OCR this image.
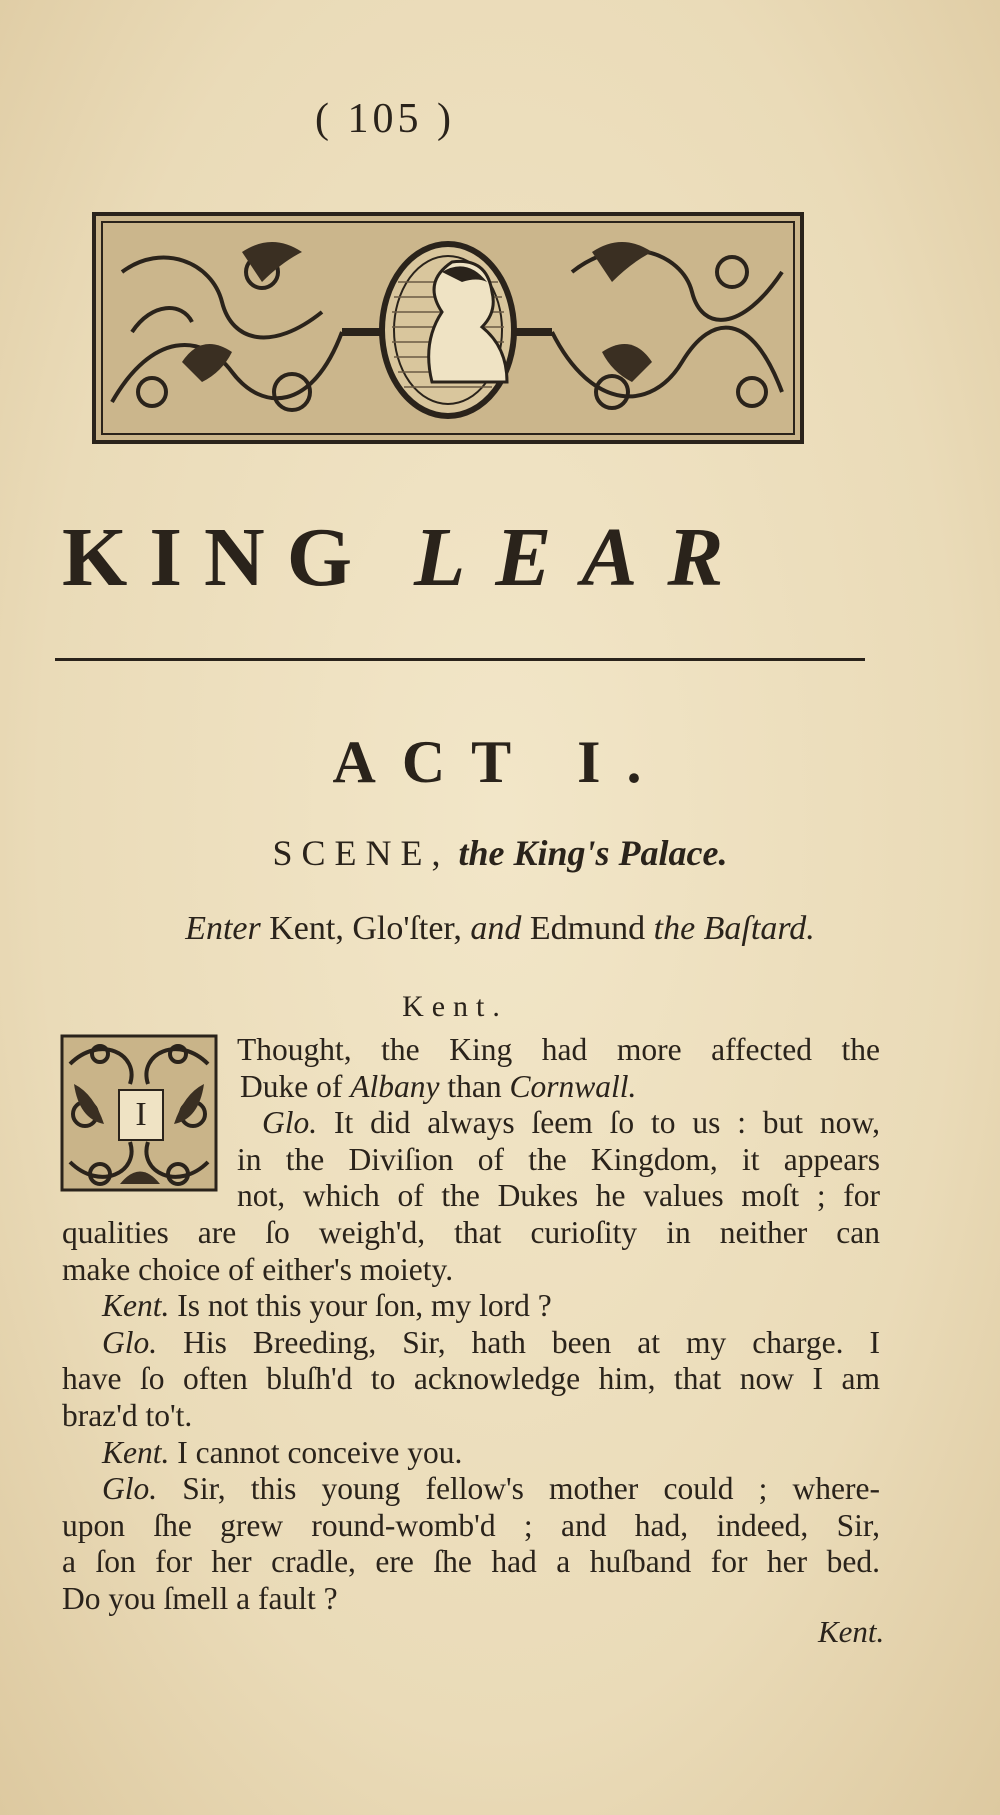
( 105 )
KING LEAR
ACT I.
SCENE, the King's Palace.
Enter Kent, Glo'ſter, and Edmund the Baſtard.
Kent.
I
Thought, the King had more affected the
Duke of Albany than Cornwall.
Glo. It did always ſeem ſo to us : but now,
in the Diviſion of the Kingdom, it appears
not, which of the Dukes he values moſt ; for
qualities are ſo weigh'd, that curioſity in neither can
make choice of either's moiety.
Kent. Is not this your ſon, my lord ?
Glo. His Breeding, Sir, hath been at my charge. I
have ſo often bluſh'd to acknowledge him, that now I am
braz'd to't.
Kent. I cannot conceive you.
Glo. Sir, this young fellow's mother could ; where-
upon ſhe grew round-womb'd ; and had, indeed, Sir,
a ſon for her cradle, ere ſhe had a huſband for her bed.
Do you ſmell a fault ?
Kent.
